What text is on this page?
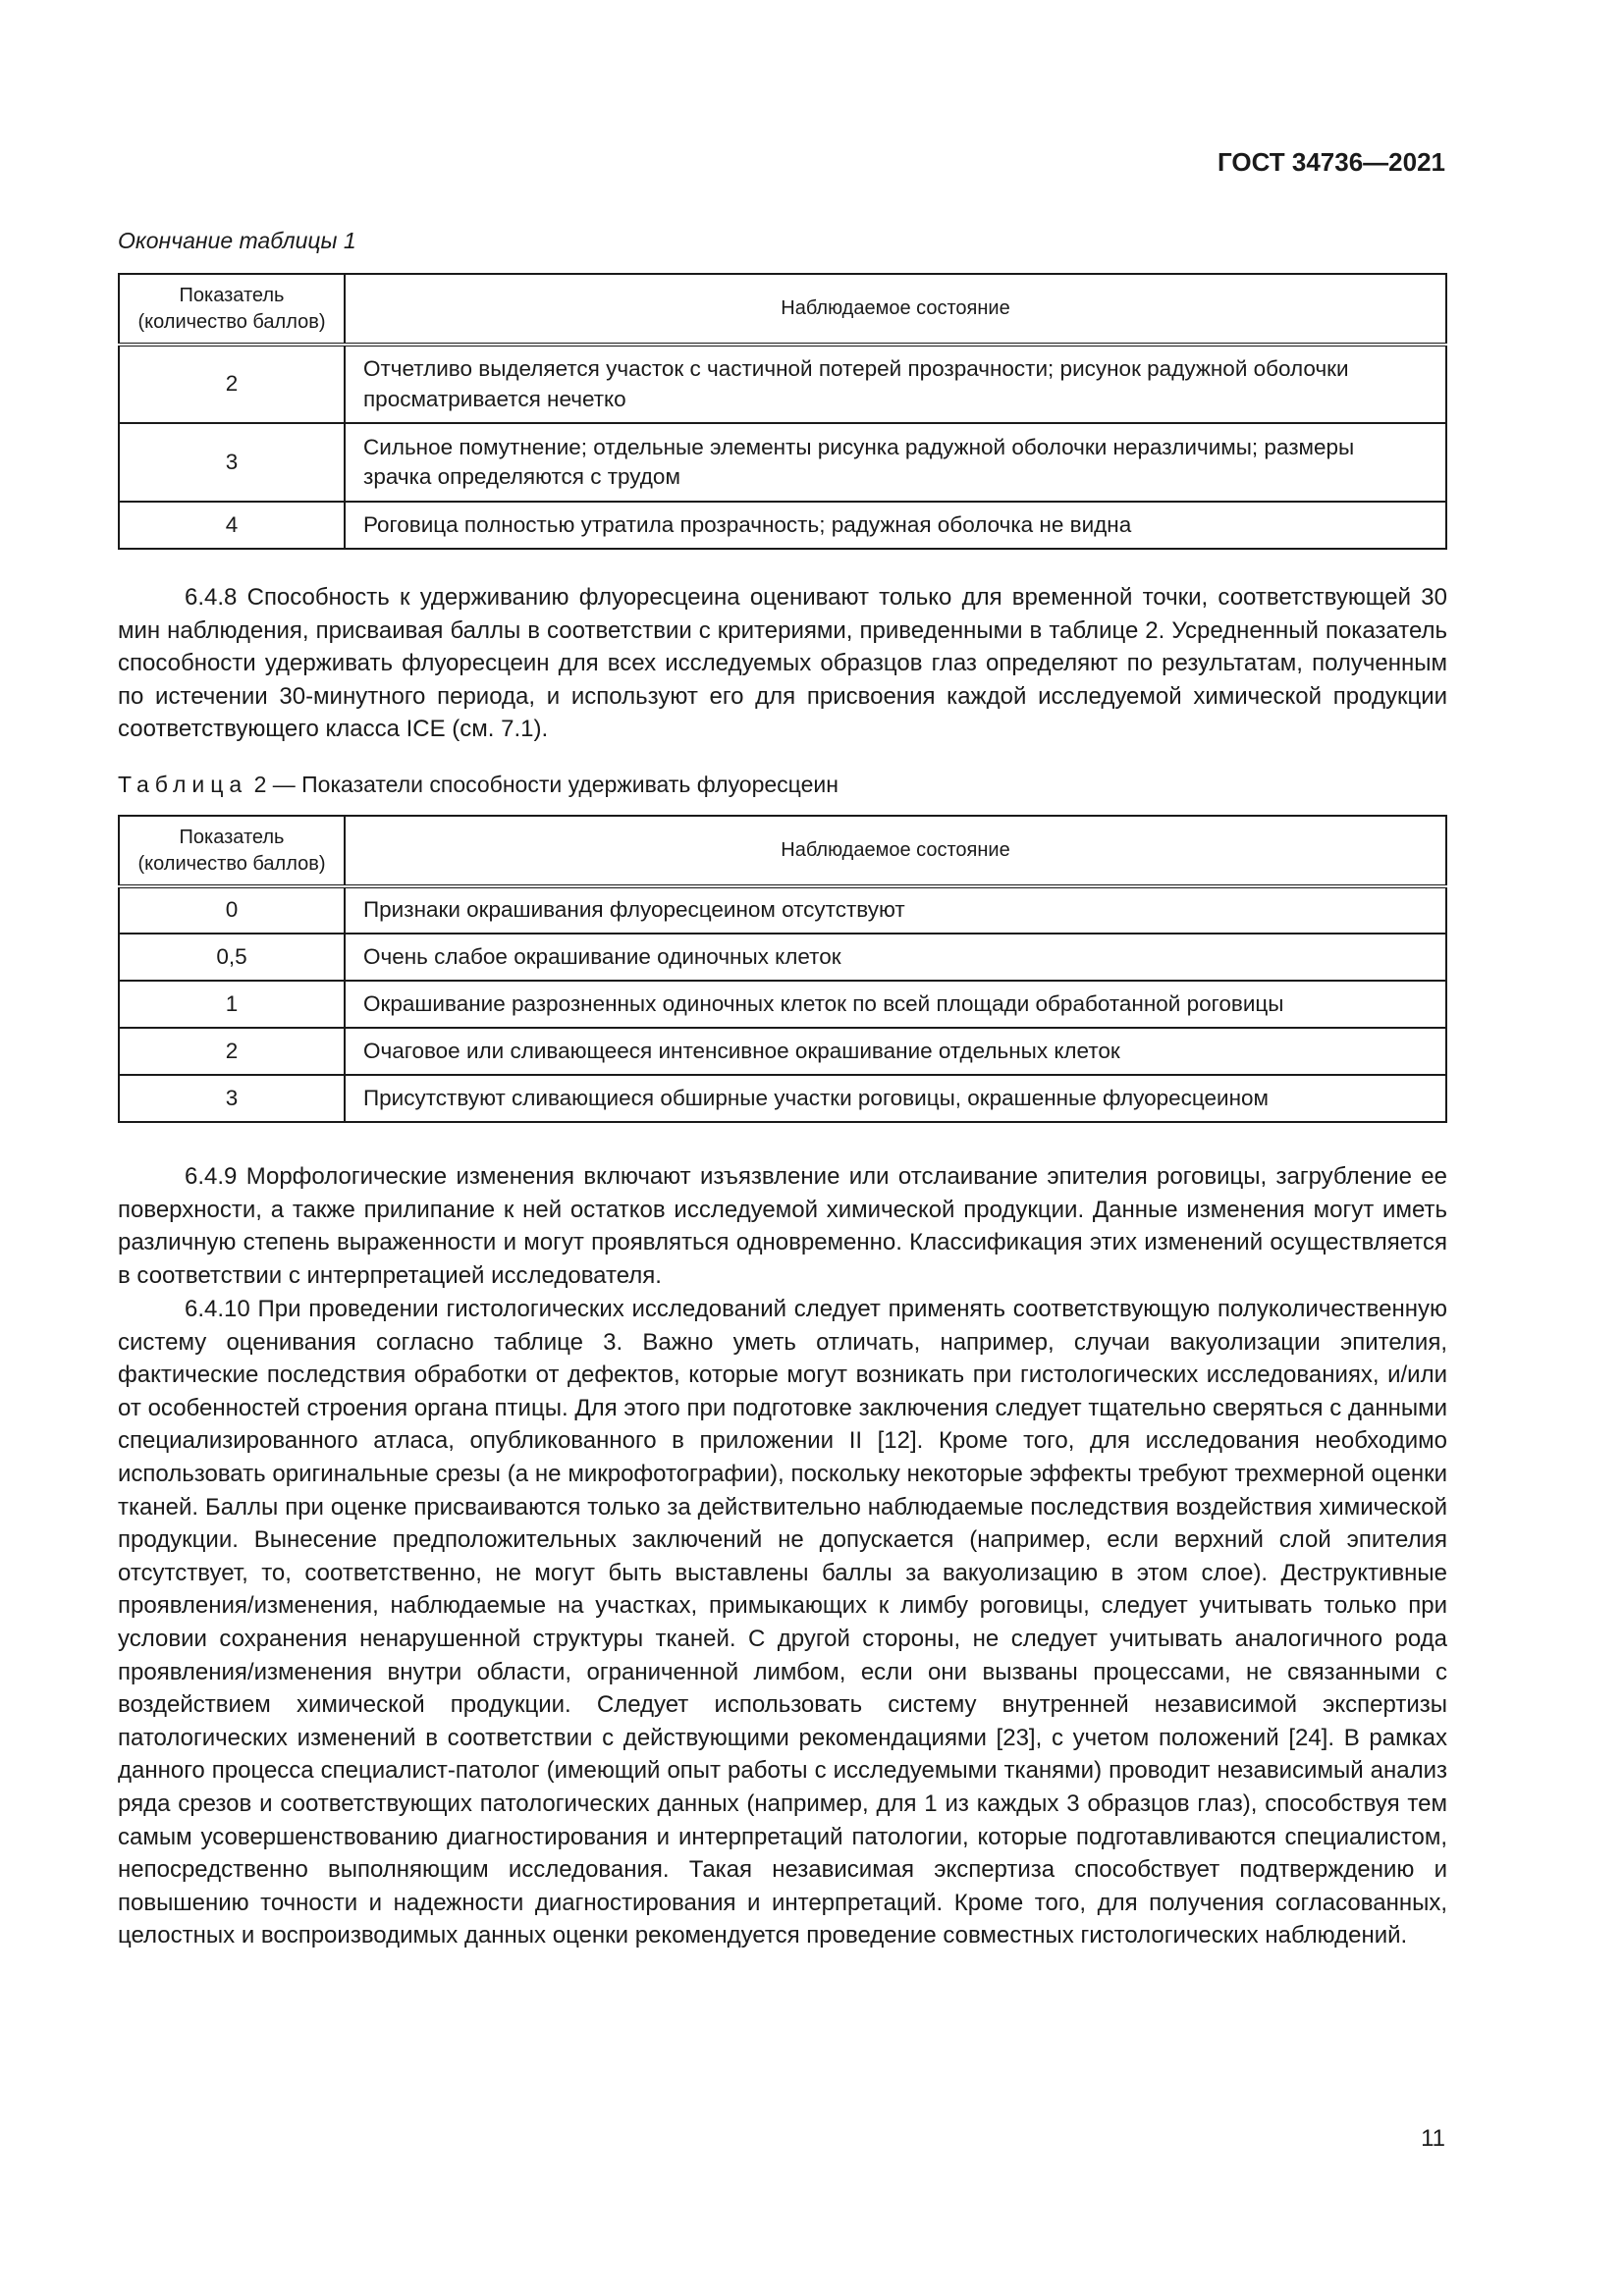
ГОСТ 34736—2021
Окончание таблицы 1
Показатель
(количество баллов)	Наблюдаемое состояние
2	Отчетливо выделяется участок с частичной потерей прозрачности; рисунок радужной оболочки просматривается нечетко
3	Сильное помутнение; отдельные элементы рисунка радужной оболочки неразличимы; размеры зрачка определяются с трудом
4	Роговица полностью утратила прозрачность; радужная оболочка не видна

6.4.8 Способность к удерживанию флуоресцеина оценивают только для временной точки, соответствующей 30 мин наблюдения, присваивая баллы в соответствии с критериями, приведенными в таблице 2. Усредненный показатель способности удерживать флуоресцеин для всех исследуемых образцов глаз определяют по результатам, полученным по истечении 30-минутного периода, и используют его для присвоения каждой исследуемой химической продукции соответствующего класса ICE (см. 7.1).

Таблица 2 — Показатели способности удерживать флуоресцеин
Показатель
(количество баллов)	Наблюдаемое состояние
0	Признаки окрашивания флуоресцеином отсутствуют
0,5	Очень слабое окрашивание одиночных клеток
1	Окрашивание разрозненных одиночных клеток по всей площади обработанной роговицы
2	Очаговое или сливающееся интенсивное окрашивание отдельных клеток
3	Присутствуют сливающиеся обширные участки роговицы, окрашенные флуоресцеином

6.4.9 Морфологические изменения включают изъязвление или отслаивание эпителия роговицы, загрубление ее поверхности, а также прилипание к ней остатков исследуемой химической продукции. Данные изменения могут иметь различную степень выраженности и могут проявляться одновременно. Классификация этих изменений осуществляется в соответствии с интерпретацией исследователя.

6.4.10 При проведении гистологических исследований следует применять соответствующую полуколичественную систему оценивания согласно таблице 3. Важно уметь отличать, например, случаи вакуолизации эпителия, фактические последствия обработки от дефектов, которые могут возникать при гистологических исследованиях, и/или от особенностей строения органа птицы. Для этого при подготовке заключения следует тщательно сверяться с данными специализированного атласа, опубликованного в приложении II [12]. Кроме того, для исследования необходимо использовать оригинальные срезы (а не микрофотографии), поскольку некоторые эффекты требуют трехмерной оценки тканей. Баллы при оценке присваиваются только за действительно наблюдаемые последствия воздействия химической продукции. Вынесение предположительных заключений не допускается (например, если верхний слой эпителия отсутствует, то, соответственно, не могут быть выставлены баллы за вакуолизацию в этом слое). Деструктивные проявления/изменения, наблюдаемые на участках, примыкающих к лимбу роговицы, следует учитывать только при условии сохранения ненарушенной структуры тканей. С другой стороны, не следует учитывать аналогичного рода проявления/изменения внутри области, ограниченной лимбом, если они вызваны процессами, не связанными с воздействием химической продукции. Следует использовать систему внутренней независимой экспертизы патологических изменений в соответствии с действующими рекомендациями [23], с учетом положений [24]. В рамках данного процесса специалист-патолог (имеющий опыт работы с исследуемыми тканями) проводит независимый анализ ряда срезов и соответствующих патологических данных (например, для 1 из каждых 3 образцов глаз), способствуя тем самым усовершенствованию диагностирования и интерпретаций патологии, которые подготавливаются специалистом, непосредственно выполняющим исследования. Такая независимая экспертиза способствует подтверждению и повышению точности и надежности диагностирования и интерпретаций. Кроме того, для получения согласованных, целостных и воспроизводимых данных оценки рекомендуется проведение совместных гистологических наблюдений.

11
